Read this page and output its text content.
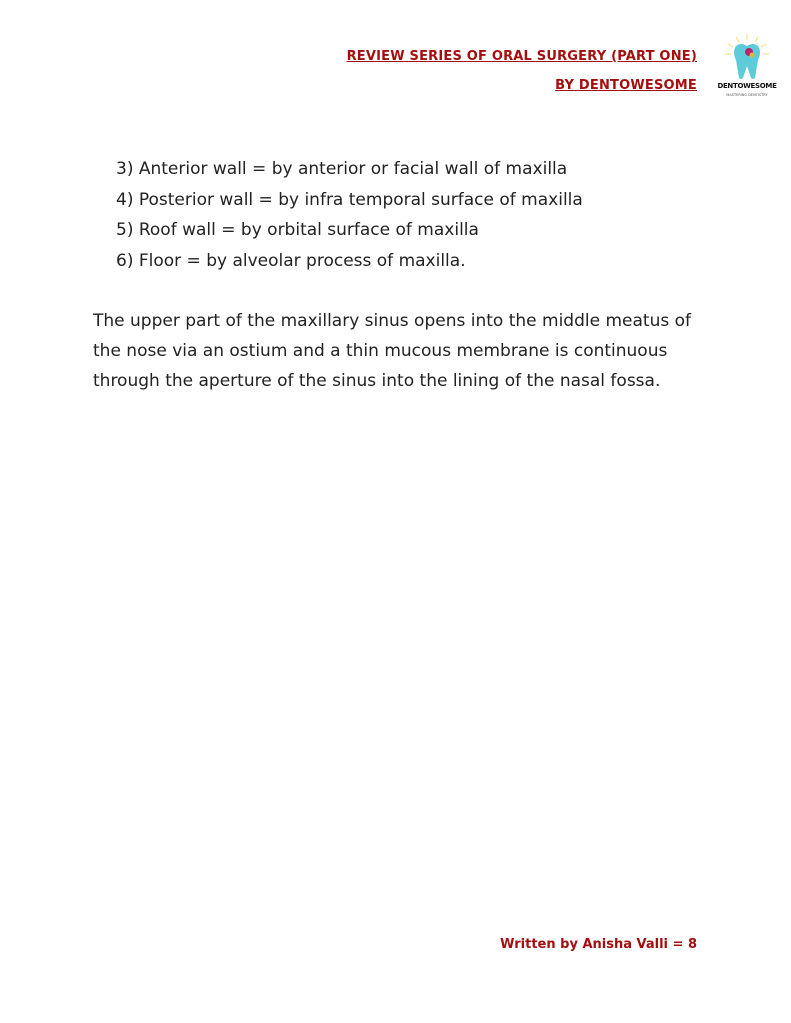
REVIEW SERIES OF ORAL SURGERY (PART ONE)
BY DENTOWESOME	DENTOWESOME
MASTERING DENTISTRY
3) Anterior wall = by anterior or facial wall of maxilla
4) Posterior wall = by infra temporal surface of maxilla
5) Roof wall = by orbital surface of maxilla
6) Floor = by alveolar process of maxilla.

The upper part of the maxillary sinus opens into the middle meatus of the nose via an ostium and a thin mucous membrane is continuous through the aperture of the sinus into the lining of the nasal fossa.

Written by Anisha Valli = 8
